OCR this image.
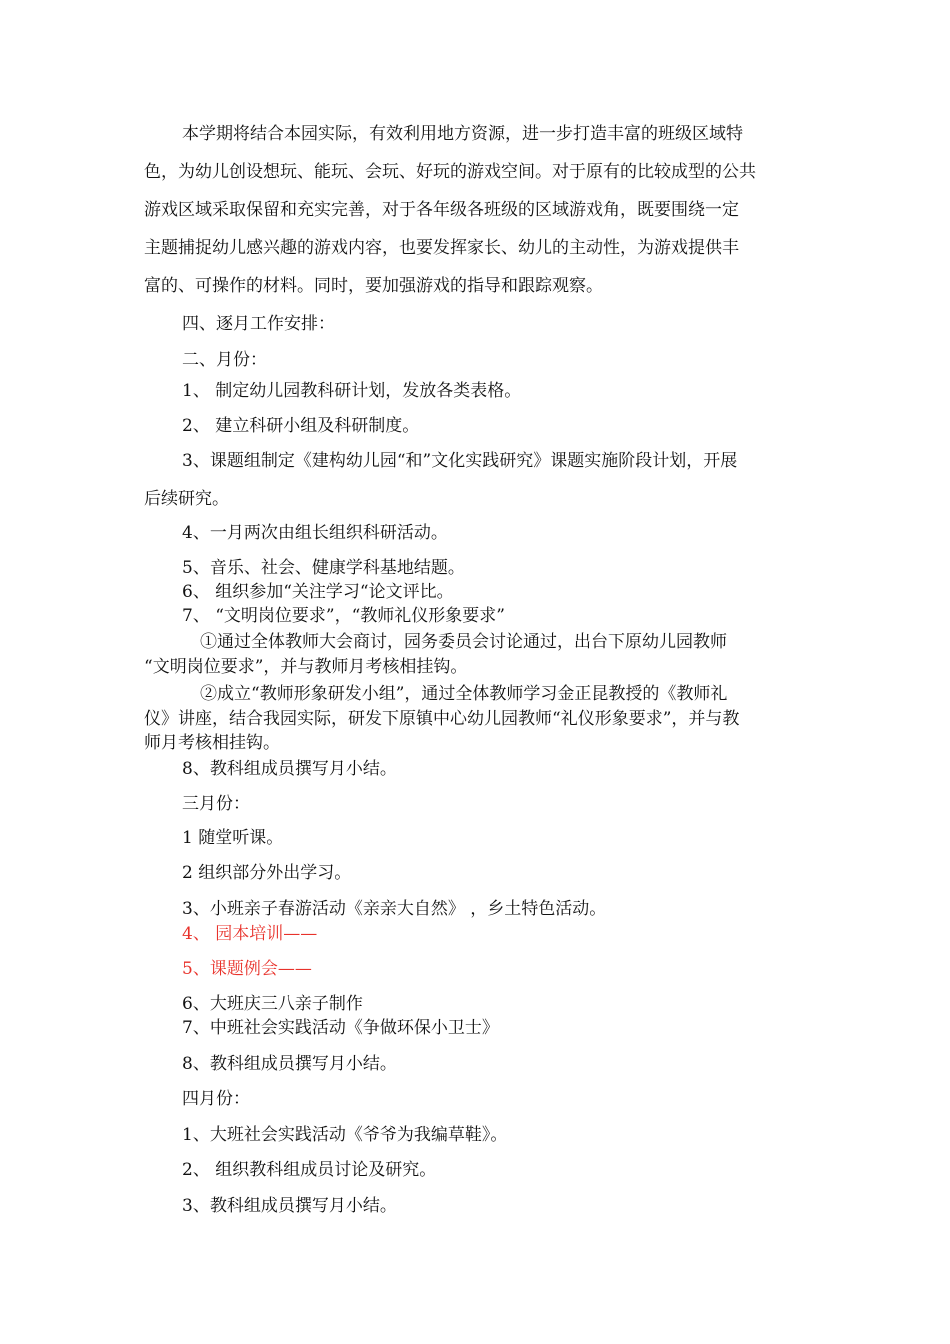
本学期将结合本园实际，有效利用地方资源，进一步打造丰富的班级区域特

色，为幼儿创设想玩、能玩、会玩、好玩的游戏空间。对于原有的比较成型的公共

游戏区域采取保留和充实完善，对于各年级各班级的区域游戏角，既要围绕一定

主题捕捉幼儿感兴趣的游戏内容，也要发挥家长、幼儿的主动性，为游戏提供丰

富的、可操作的材料。同时，要加强游戏的指导和跟踪观察。

四、逐月工作安排：

二、月份：

1、 制定幼儿园教科研计划，发放各类表格。

2、 建立科研小组及科研制度。

3、课题组制定《建构幼儿园“和”文化实践研究》课题实施阶段计划，开展

后续研究。

4、一月两次由组长组织科研活动。

5、音乐、社会、健康学科基地结题。

6、 组织参加“关注学习“论文评比。

7、 “文明岗位要求”，“教师礼仪形象要求”

①通过全体教师大会商讨，园务委员会讨论通过，出台下原幼儿园教师

“文明岗位要求”，并与教师月考核相挂钩。

②成立“教师形象研发小组”，通过全体教师学习金正昆教授的《教师礼

仪》讲座，结合我园实际，研发下原镇中心幼儿园教师“礼仪形象要求”，并与教

师月考核相挂钩。

8、教科组成员撰写月小结。

三月份：

1 随堂听课。

2 组织部分外出学习。

3、小班亲子春游活动《亲亲大自然》 ，乡土特色活动。

4、 园本培训——

5、课题例会——

6、大班庆三八亲子制作

7、中班社会实践活动《争做环保小卫士》

8、教科组成员撰写月小结。

四月份：

1、大班社会实践活动《爷爷为我编草鞋》。

2、 组织教科组成员讨论及研究。

3、教科组成员撰写月小结。
